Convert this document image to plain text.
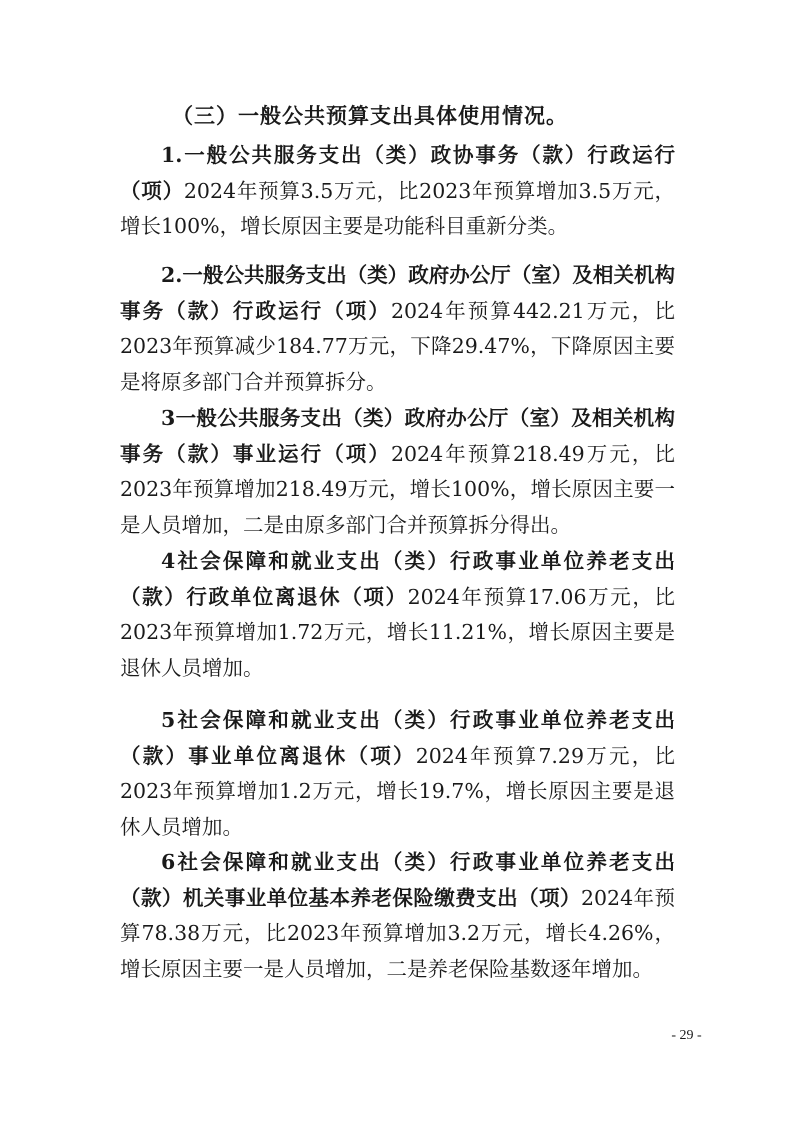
（三）一般公共预算支出具体使用情况。

1.一般公共服务支出（类）政协事务（款）行政运行（项）2024年预算3.5万元，比2023年预算增加3.5万元，增长100%，增长原因主要是功能科目重新分类。

2.一般公共服务支出（类）政府办公厅（室）及相关机构事务（款）行政运行（项）2024年预算442.21万元，比2023年预算减少184.77万元，下降29.47%，下降原因主要是将原多部门合并预算拆分。

3一般公共服务支出（类）政府办公厅（室）及相关机构事务（款）事业运行（项）2024年预算218.49万元，比2023年预算增加218.49万元，增长100%，增长原因主要一是人员增加，二是由原多部门合并预算拆分得出。

4社会保障和就业支出（类）行政事业单位养老支出（款）行政单位离退休（项）2024年预算17.06万元，比2023年预算增加1.72万元，增长11.21%，增长原因主要是退休人员增加。

5社会保障和就业支出（类）行政事业单位养老支出（款）事业单位离退休（项）2024年预算7.29万元，比2023年预算增加1.2万元，增长19.7%，增长原因主要是退休人员增加。

6社会保障和就业支出（类）行政事业单位养老支出（款）机关事业单位基本养老保险缴费支出（项）2024年预算78.38万元，比2023年预算增加3.2万元，增长4.26%，增长原因主要一是人员增加，二是养老保险基数逐年增加。

- 29 -
